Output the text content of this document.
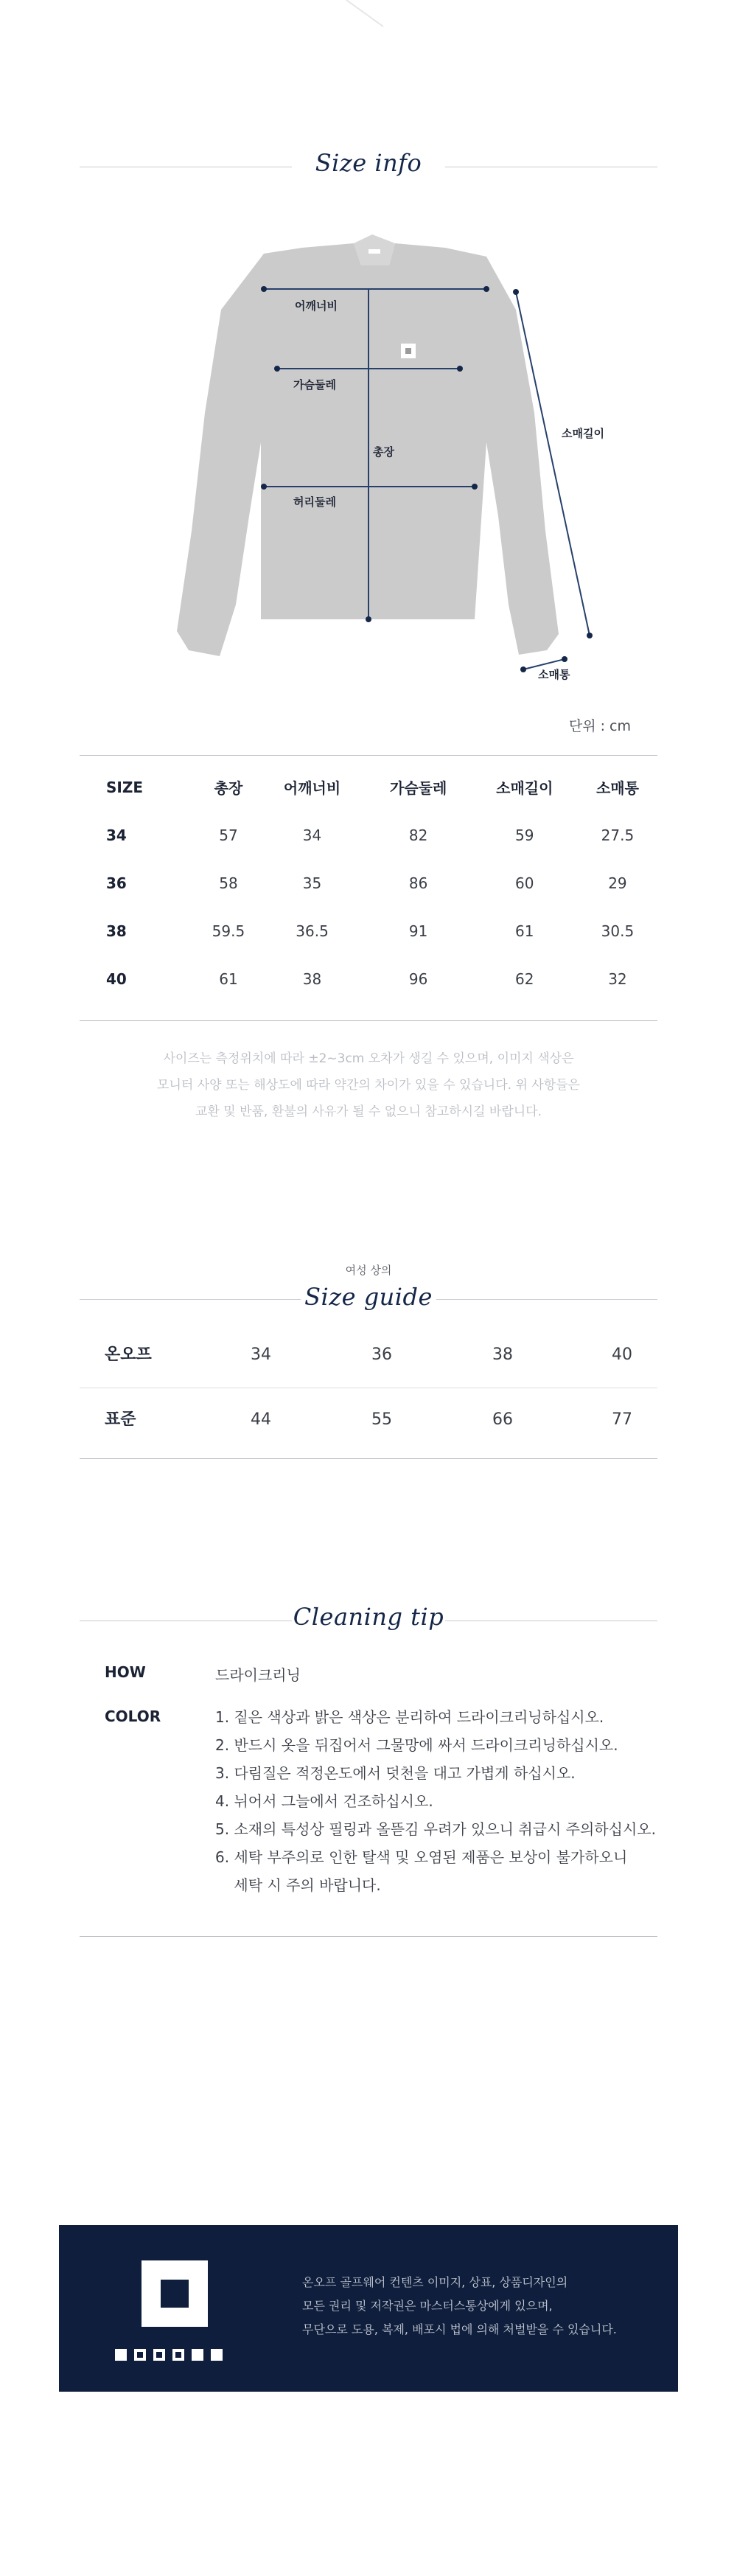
Size info
어깨너비
가슴둘레
총장
허리둘레
소매길이
소매통
단위 : cm
SIZE	총장	어깨너비	가슴둘레	소매길이	소매통
34	57	34	82	59	27.5
36	58	35	86	60	29
38	59.5	36.5	91	61	30.5
40	61	38	96	62	32
사이즈는 측정위치에 따라 ±2~3cm 오차가 생길 수 있으며, 이미지 색상은
모니터 사양 또는 해상도에 따라 약간의 차이가 있을 수 있습니다. 위 사항들은
교환 및 반품, 환불의 사유가 될 수 없으니 참고하시길 바랍니다.
여성 상의
Size guide
온오프	34	36	38	40
표준	44	55	66	77
Cleaning tip
HOW	드라이크리닝
COLOR	1. 짙은 색상과 밝은 색상은 분리하여 드라이크리닝하십시오.
2. 반드시 옷을 뒤집어서 그물망에 싸서 드라이크리닝하십시오.
3. 다림질은 적정온도에서 덧천을 대고 가볍게 하십시오.
4. 뉘어서 그늘에서 건조하십시오.
5. 소재의 특성상 필링과 올뜯김 우려가 있으니 취급시 주의하십시오.
6. 세탁 부주의로 인한 탈색 및 오염된 제품은 보상이 불가하오니
세탁 시 주의 바랍니다.
온오프 골프웨어 컨텐츠 이미지, 상표, 상품디자인의
모든 권리 및 저작권은 마스터스통상에게 있으며,
무단으로 도용, 복제, 배포시 법에 의해 처벌받을 수 있습니다.
